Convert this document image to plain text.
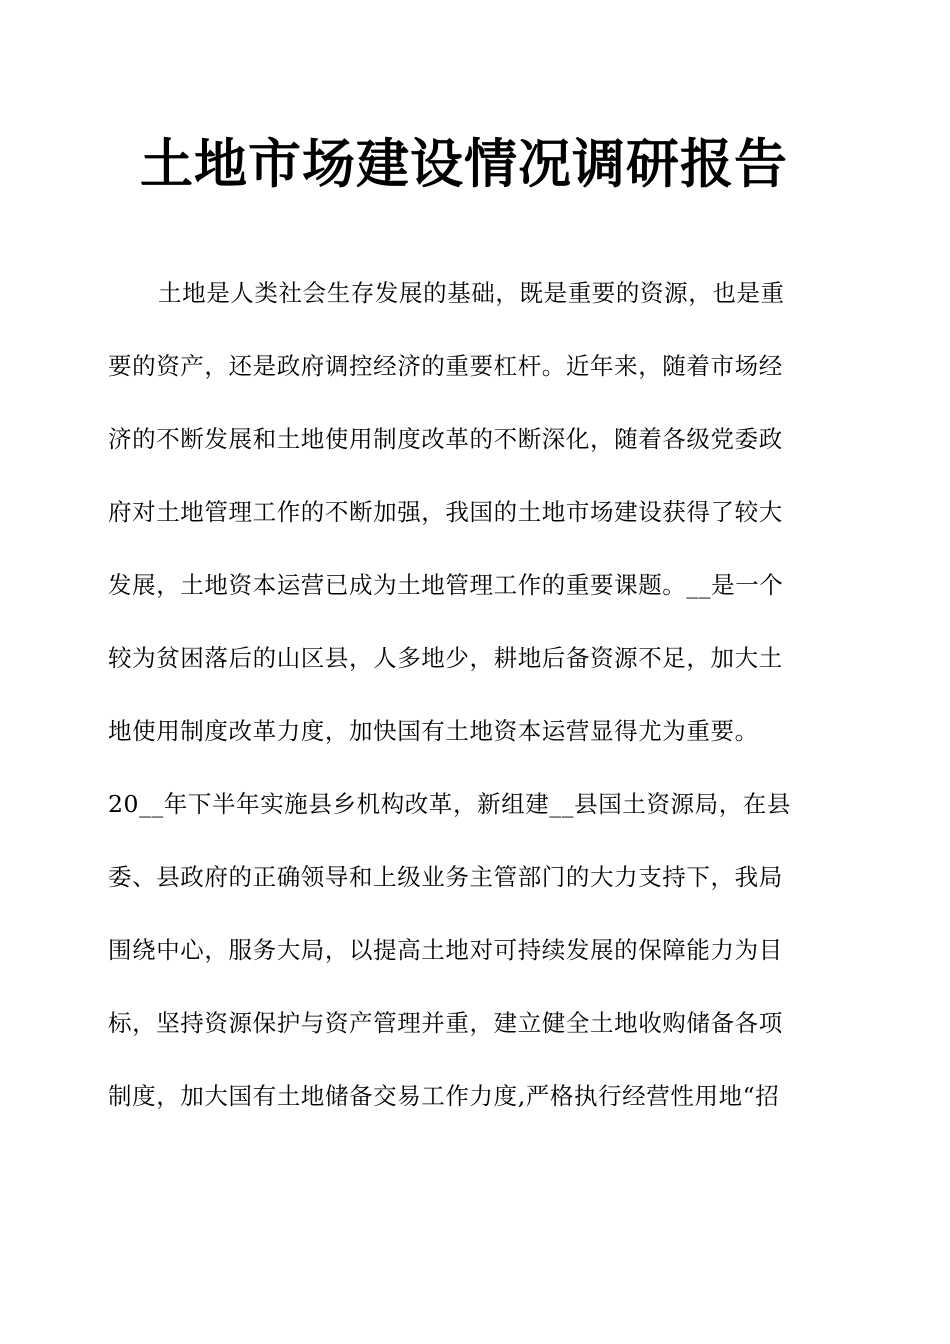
土地市场建设情况调研报告

土地是人类社会生存发展的基础，既是重要的资源，也是重

要的资产，还是政府调控经济的重要杠杆。近年来，随着市场经

济的不断发展和土地使用制度改革的不断深化，随着各级党委政

府对土地管理工作的不断加强，我国的土地市场建设获得了较大

发展，土地资本运营已成为土地管理工作的重要课题。__是一个

较为贫困落后的山区县，人多地少，耕地后备资源不足，加大土

地使用制度改革力度，加快国有土地资本运营显得尤为重要。

20__年下半年实施县乡机构改革，新组建__县国土资源局，在县

委、县政府的正确领导和上级业务主管部门的大力支持下，我局

围绕中心，服务大局，以提高土地对可持续发展的保障能力为目

标，坚持资源保护与资产管理并重，建立健全土地收购储备各项

制度，加大国有土地储备交易工作力度,严格执行经营性用地“招
